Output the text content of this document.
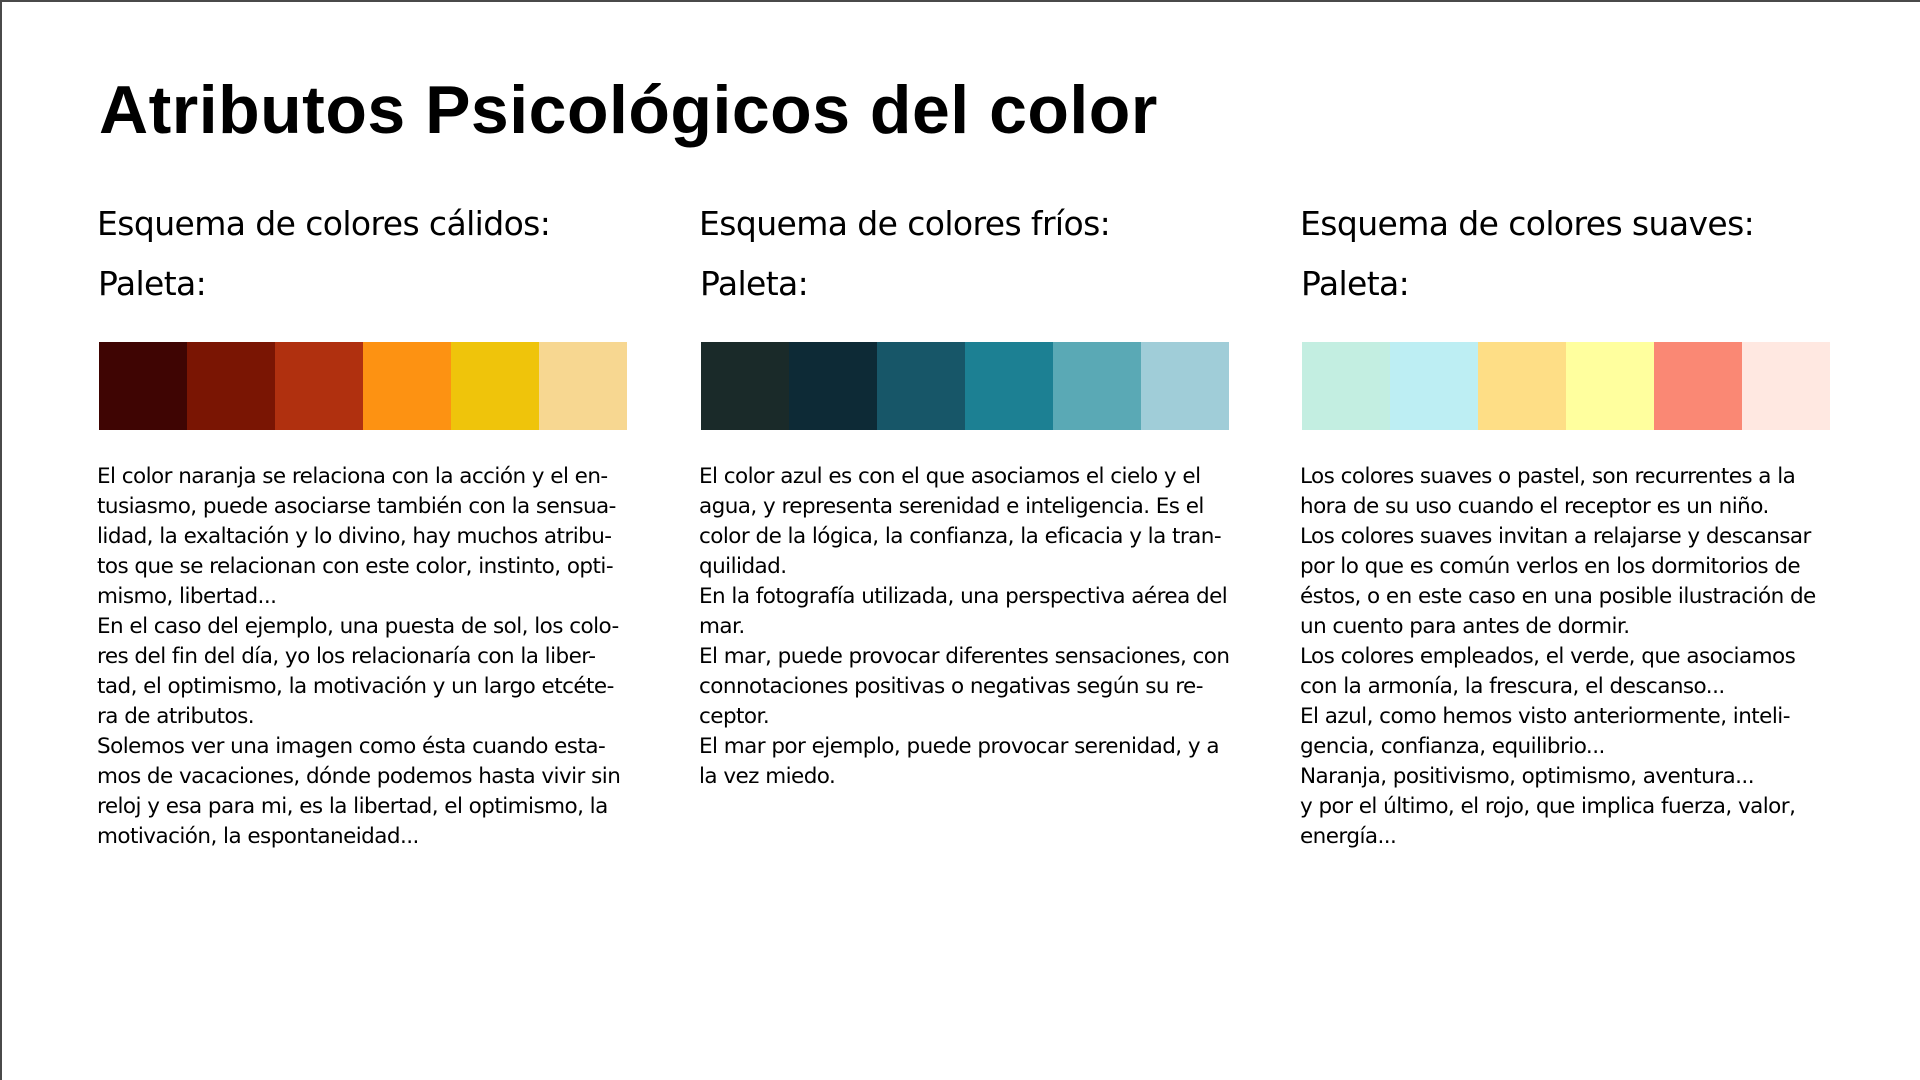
Atributos Psicológicos del color
Esquema de colores cálidos:
Paleta:

El color naranja se relaciona con la acción y el en-
tusiasmo, puede asociarse también con la sensua-
lidad, la exaltación y lo divino, hay muchos atribu-
tos que se relacionan con este color, instinto, opti-
mismo, libertad...
En el caso del ejemplo, una puesta de sol, los colo-
res del fin del día, yo los relacionaría con la liber-
tad, el optimismo, la motivación y un largo etcéte-
ra de atributos.
Solemos ver una imagen como ésta cuando esta-
mos de vacaciones, dónde podemos hasta vivir sin
reloj y esa para mi, es la libertad, el optimismo, la
motivación, la espontaneidad...

Esquema de colores fríos:
Paleta:

El color azul es con el que asociamos el cielo y el
agua, y representa serenidad e inteligencia. Es el
color de la lógica, la confianza, la eficacia y la tran-
quilidad.
En la fotografía utilizada, una perspectiva aérea del
mar.
El mar, puede provocar diferentes sensaciones, con
connotaciones positivas o negativas según su re-
ceptor.
El mar por ejemplo, puede provocar serenidad, y a
la vez miedo.

Esquema de colores suaves:
Paleta:

Los colores suaves o pastel, son recurrentes a la
hora de su uso cuando el receptor es un niño.
Los colores suaves invitan a relajarse y descansar
por lo que es común verlos en los dormitorios de
éstos, o en este caso en una posible ilustración de
un cuento para antes de dormir.
Los colores empleados, el verde, que asociamos
con la armonía, la frescura, el descanso...
El azul, como hemos visto anteriormente, inteli-
gencia, confianza, equilibrio...
Naranja, positivismo, optimismo, aventura...
y por el último, el rojo, que implica fuerza, valor,
energía...
